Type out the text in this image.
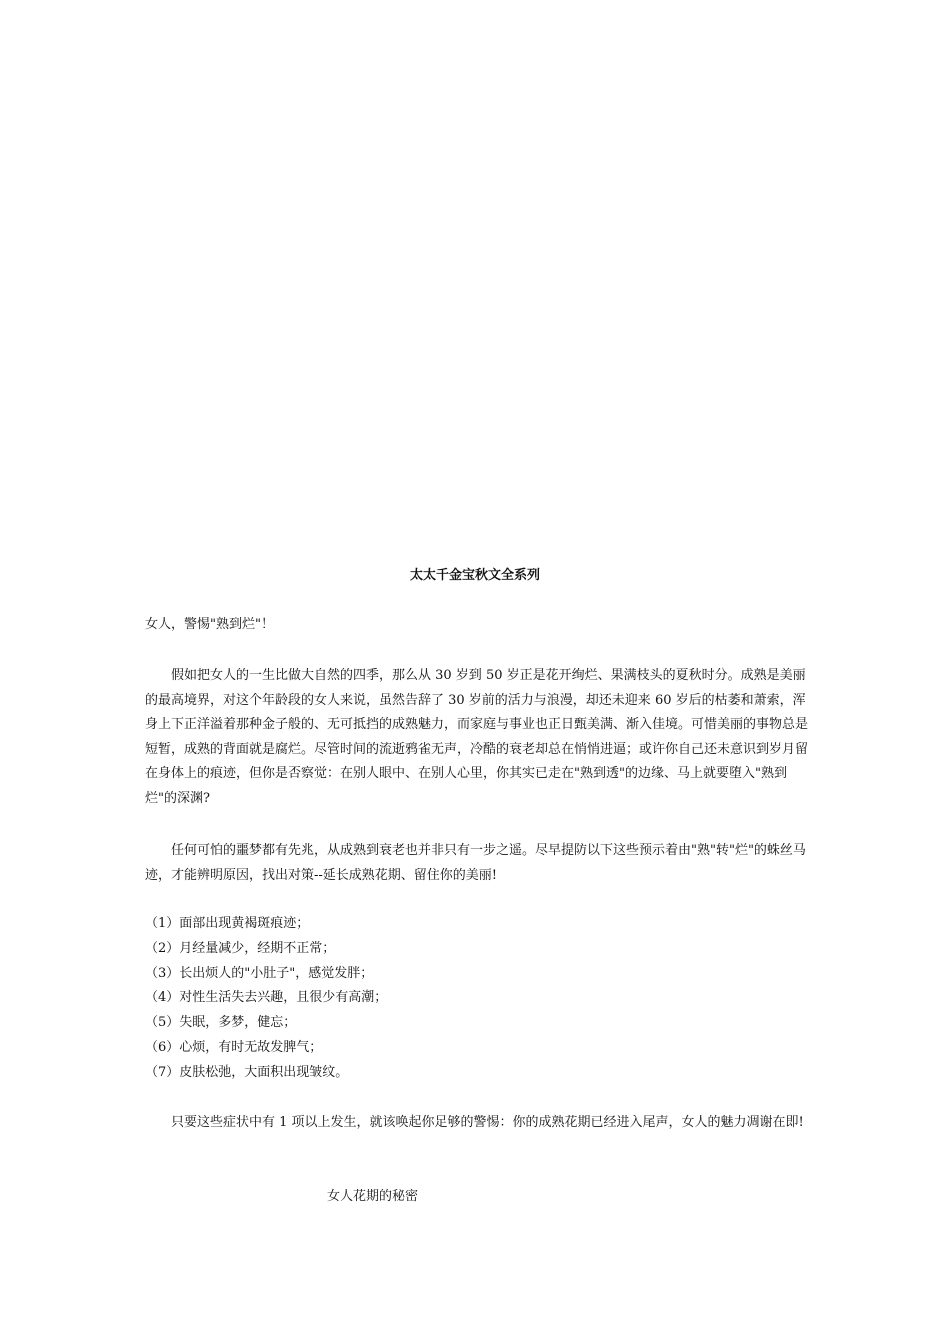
太太千金宝秋文全系列
女人，警惕"熟到烂"！

假如把女人的一生比做大自然的四季，那么从 30 岁到 50 岁正是花开绚烂、果满枝头的夏秋时分。成熟是美丽的最高境界，对这个年龄段的女人来说，虽然告辞了 30 岁前的活力与浪漫，却还未迎来 60 岁后的枯萎和萧索，浑身上下正洋溢着那种金子般的、无可抵挡的成熟魅力，而家庭与事业也正日甄美满、渐入佳境。可惜美丽的事物总是短暂，成熟的背面就是腐烂。尽管时间的流逝鸦雀无声，冷酷的衰老却总在悄悄进逼；或许你自己还未意识到岁月留在身体上的痕迹，但你是否察觉：在别人眼中、在别人心里，你其实已走在"熟到透"的边缘、马上就要堕入"熟到烂"的深渊?

任何可怕的噩梦都有先兆，从成熟到衰老也并非只有一步之遥。尽早提防以下这些预示着由"熟"转"烂"的蛛丝马迹，才能辨明原因，找出对策--延长成熟花期、留住你的美丽!

（1）面部出现黄褐斑痕迹；
（2）月经量减少，经期不正常；
（3）长出烦人的"小肚子"，感觉发胖；
（4）对性生活失去兴趣，且很少有高潮；
（5）失眠，多梦，健忘；
（6）心烦，有时无故发脾气；
（7）皮肤松弛，大面积出现皱纹。

只要这些症状中有 1 项以上发生，就该唤起你足够的警惕：你的成熟花期已经进入尾声，女人的魅力凋谢在即!

女人花期的秘密
